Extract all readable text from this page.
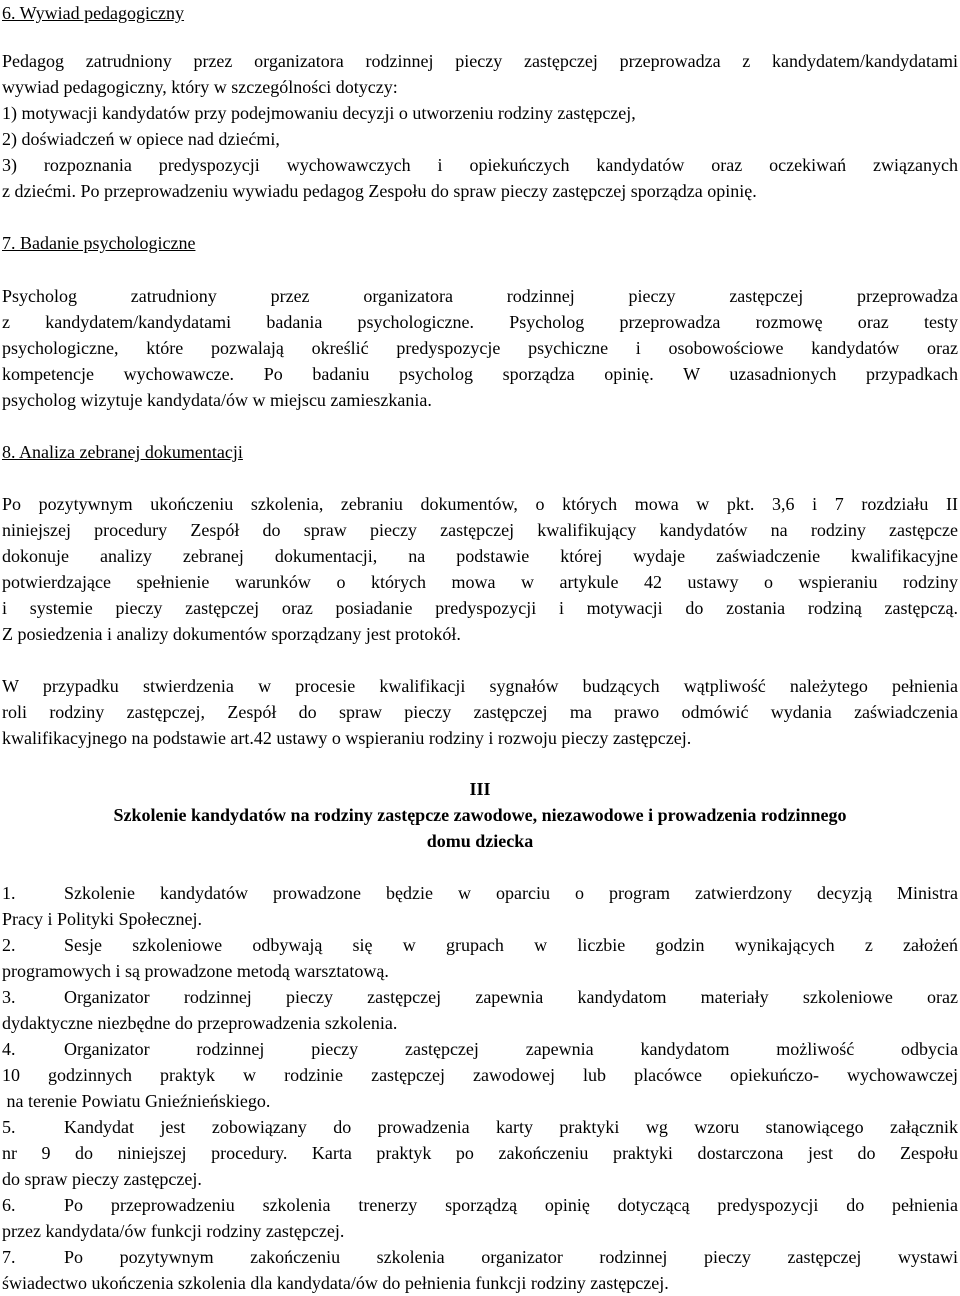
6. Wywiad pedagogiczny
Pedagog zatrudniony przez organizatora rodzinnej pieczy zastępczej przeprowadza z kandydatem/kandydatami
wywiad pedagogiczny, który w szczególności dotyczy:
1) motywacji kandydatów przy podejmowaniu decyzji o utworzeniu rodziny zastępczej,
2) doświadczeń w opiece nad dziećmi,
3) rozpoznania predyspozycji wychowawczych i opiekuńczych kandydatów oraz oczekiwań związanych
z dziećmi. Po przeprowadzeniu wywiadu pedagog Zespołu do spraw pieczy zastępczej sporządza opinię.
7. Badanie psychologiczne
Psycholog zatrudniony przez organizatora rodzinnej pieczy zastępczej przeprowadza
z kandydatem/kandydatami badania psychologiczne. Psycholog przeprowadza rozmowę oraz testy
psychologiczne, które pozwalają określić predyspozycje psychiczne i osobowościowe kandydatów oraz
kompetencje wychowawcze. Po badaniu psycholog sporządza opinię. W uzasadnionych przypadkach
psycholog wizytuje kandydata/ów w miejscu zamieszkania.
8. Analiza zebranej dokumentacji
Po pozytywnym ukończeniu szkolenia, zebraniu dokumentów, o których mowa w pkt. 3,6 i 7 rozdziału II
niniejszej procedury Zespół do spraw pieczy zastępczej kwalifikujący kandydatów na rodziny zastępcze
dokonuje analizy zebranej dokumentacji, na podstawie której wydaje zaświadczenie kwalifikacyjne
potwierdzające spełnienie warunków o których mowa w artykule 42 ustawy o wspieraniu rodziny
i systemie pieczy zastępczej oraz posiadanie predyspozycji i motywacji do zostania rodziną zastępczą.
Z posiedzenia i analizy dokumentów sporządzany jest protokół.
W przypadku stwierdzenia w procesie kwalifikacji sygnałów budzących wątpliwość należytego pełnienia
roli rodziny zastępczej, Zespół do spraw pieczy zastępczej ma prawo odmówić wydania zaświadczenia
kwalifikacyjnego na podstawie art.42 ustawy o wspieraniu rodziny i rozwoju pieczy zastępczej.
III
Szkolenie kandydatów na rodziny zastępcze zawodowe, niezawodowe i prowadzenia rodzinnego
domu dziecka
1.	Szkolenie kandydatów prowadzone będzie w oparciu o program zatwierdzony decyzją Ministra
Pracy i Polityki Społecznej.
2.	Sesje szkoleniowe odbywają się w grupach w liczbie godzin wynikających z założeń
programowych i są prowadzone metodą warsztatową.
3.	Organizator rodzinnej pieczy zastępczej zapewnia kandydatom materiały szkoleniowe oraz
dydaktyczne niezbędne do przeprowadzenia szkolenia.
4.	Organizator rodzinnej pieczy zastępczej zapewnia kandydatom możliwość odbycia
10 godzinnych praktyk w rodzinie zastępczej zawodowej lub placówce opiekuńczo- wychowawczej
na terenie Powiatu Gnieźnieńskiego.
5.	Kandydat jest zobowiązany do prowadzenia karty praktyki wg wzoru stanowiącego załącznik
nr 9 do niniejszej procedury. Karta praktyk po zakończeniu praktyki dostarczona jest do Zespołu
do spraw pieczy zastępczej.
6.	Po przeprowadzeniu szkolenia trenerzy sporządzą opinię dotyczącą predyspozycji do pełnienia
przez kandydata/ów funkcji rodziny zastępczej.
7.	Po pozytywnym zakończeniu szkolenia organizator rodzinnej pieczy zastępczej wystawi
świadectwo ukończenia szkolenia dla kandydata/ów do pełnienia funkcji rodziny zastępczej.
